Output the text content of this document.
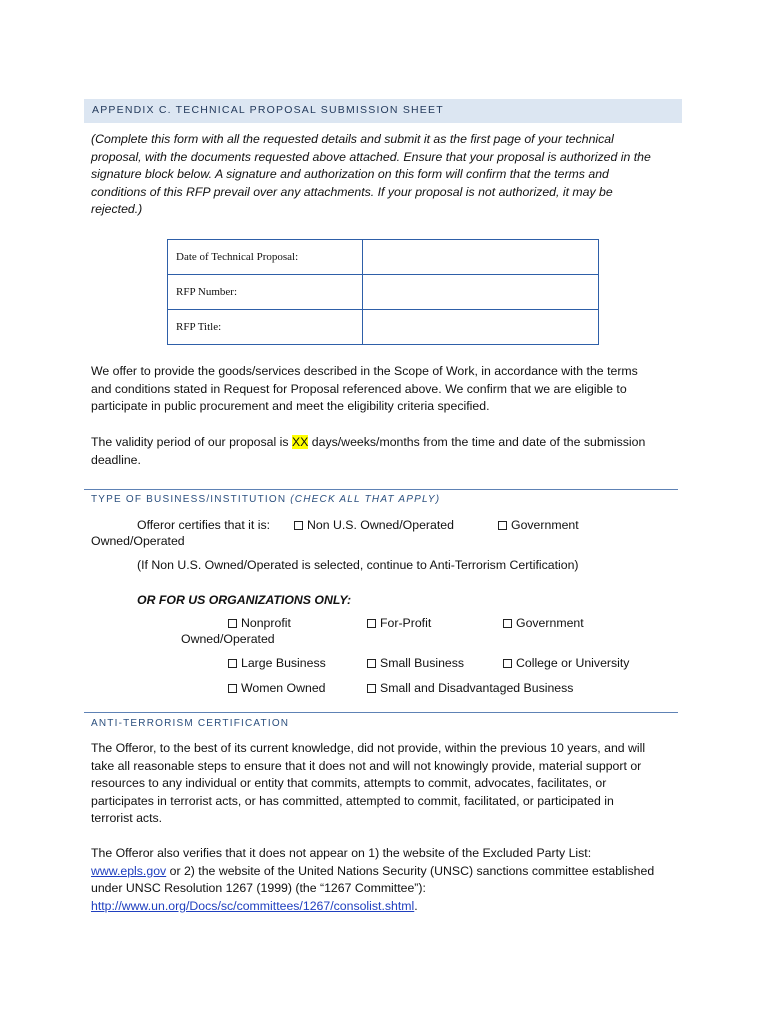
APPENDIX C. TECHNICAL PROPOSAL SUBMISSION SHEET
(Complete this form with all the requested details and submit it as the first page of your technical
proposal, with the documents requested above attached. Ensure that your proposal is authorized in the
signature block below. A signature and authorization on this form will confirm that the terms and
conditions of this RFP prevail over any attachments. If your proposal is not authorized, it may be
rejected.)
Date of Technical Proposal:	
RFP Number:	
RFP Title:	
We offer to provide the goods/services described in the Scope of Work, in accordance with the terms
and conditions stated in Request for Proposal referenced above. We confirm that we are eligible to
participate in public procurement and meet the eligibility criteria specified.
The validity period of our proposal is XX days/weeks/months from the time and date of the submission
deadline.
TYPE OF BUSINESS/INSTITUTION (CHECK ALL THAT APPLY)
Offeror certifies that it is:	Non U.S. Owned/Operated	Government
Owned/Operated
(If Non U.S. Owned/Operated is selected, continue to Anti-Terrorism Certification)
OR FOR US ORGANIZATIONS ONLY:
Nonprofit	For-Profit	Government
Owned/Operated
Large Business	Small Business	College or University
Women Owned	Small and Disadvantaged Business
ANTI-TERRORISM CERTIFICATION
The Offeror, to the best of its current knowledge, did not provide, within the previous 10 years, and will
take all reasonable steps to ensure that it does not and will not knowingly provide, material support or
resources to any individual or entity that commits, attempts to commit, advocates, facilitates, or
participates in terrorist acts, or has committed, attempted to commit, facilitated, or participated in
terrorist acts.
The Offeror also verifies that it does not appear on 1) the website of the Excluded Party List:
www.epls.gov or 2) the website of the United Nations Security (UNSC) sanctions committee established
under UNSC Resolution 1267 (1999) (the “1267 Committee”):
http://www.un.org/Docs/sc/committees/1267/consolist.shtml.
